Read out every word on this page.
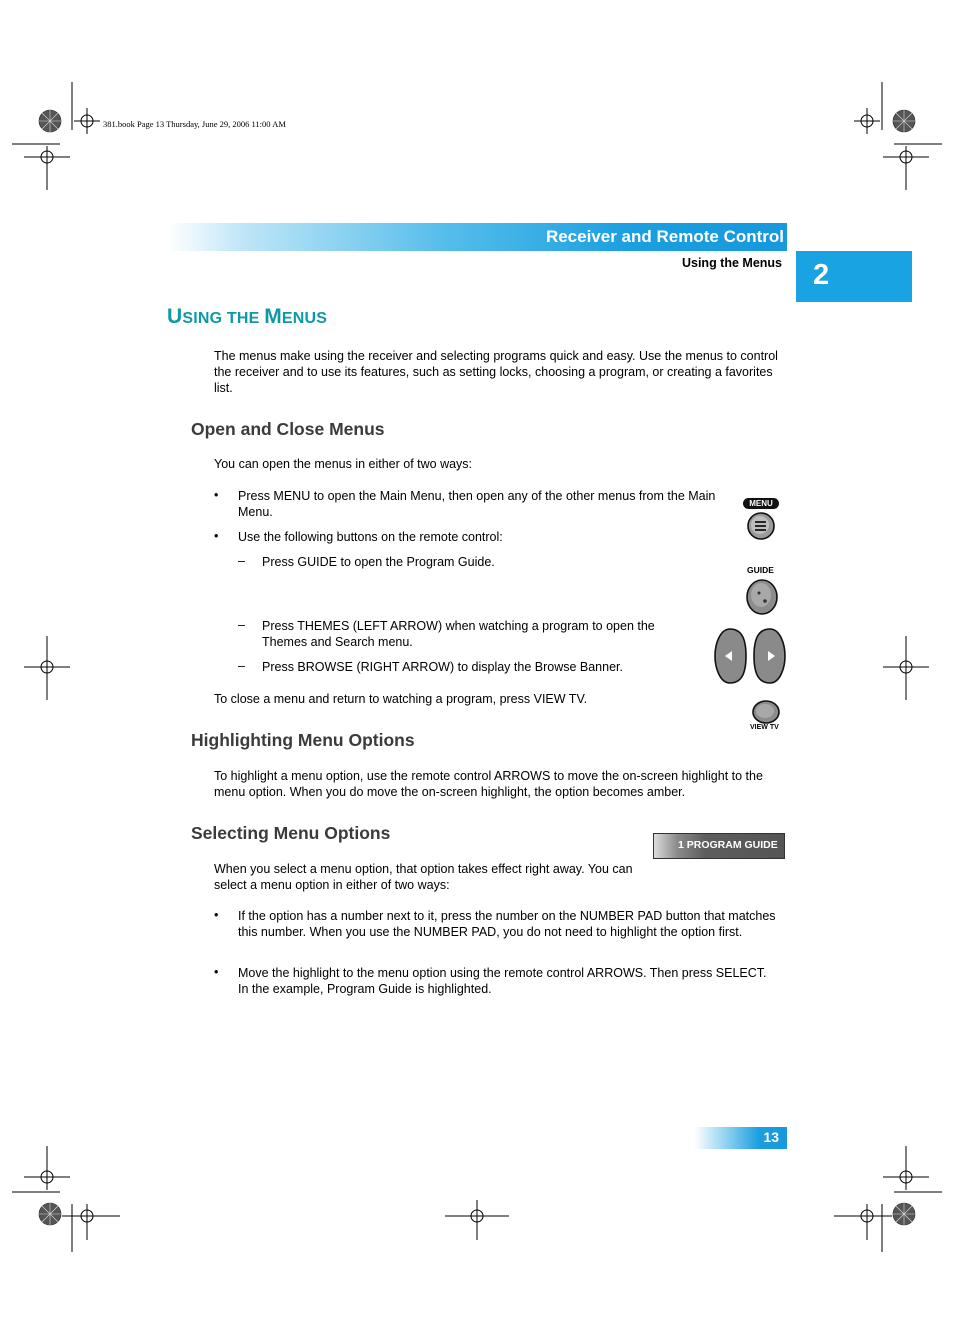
381.book Page 13 Thursday, June 29, 2006 11:00 AM
Receiver and Remote Control
Using the Menus 2
USING THE MENUS
The menus make using the receiver and selecting programs quick and easy. Use the menus to control the receiver and to use its features, such as setting locks, choosing a program, or creating a favorites list.
Open and Close Menus
You can open the menus in either of two ways:
• Press MENU to open the Main Menu, then open any of the other menus from the Main Menu.
• Use the following buttons on the remote control:
– Press GUIDE to open the Program Guide.
– Press THEMES (LEFT ARROW) when watching a program to open the Themes and Search menu.
– Press BROWSE (RIGHT ARROW) to display the Browse Banner.
To close a menu and return to watching a program, press VIEW TV.
MENU
GUIDE
VIEW TV
Highlighting Menu Options
To highlight a menu option, use the remote control ARROWS to move the on-screen highlight to the menu option. When you do move the on-screen highlight, the option becomes amber.
Selecting Menu Options
1 PROGRAM GUIDE
When you select a menu option, that option takes effect right away. You can select a menu option in either of two ways:
• If the option has a number next to it, press the number on the NUMBER PAD button that matches this number. When you use the NUMBER PAD, you do not need to highlight the option first.
• Move the highlight to the menu option using the remote control ARROWS. Then press SELECT. In the example, Program Guide is highlighted.
13
